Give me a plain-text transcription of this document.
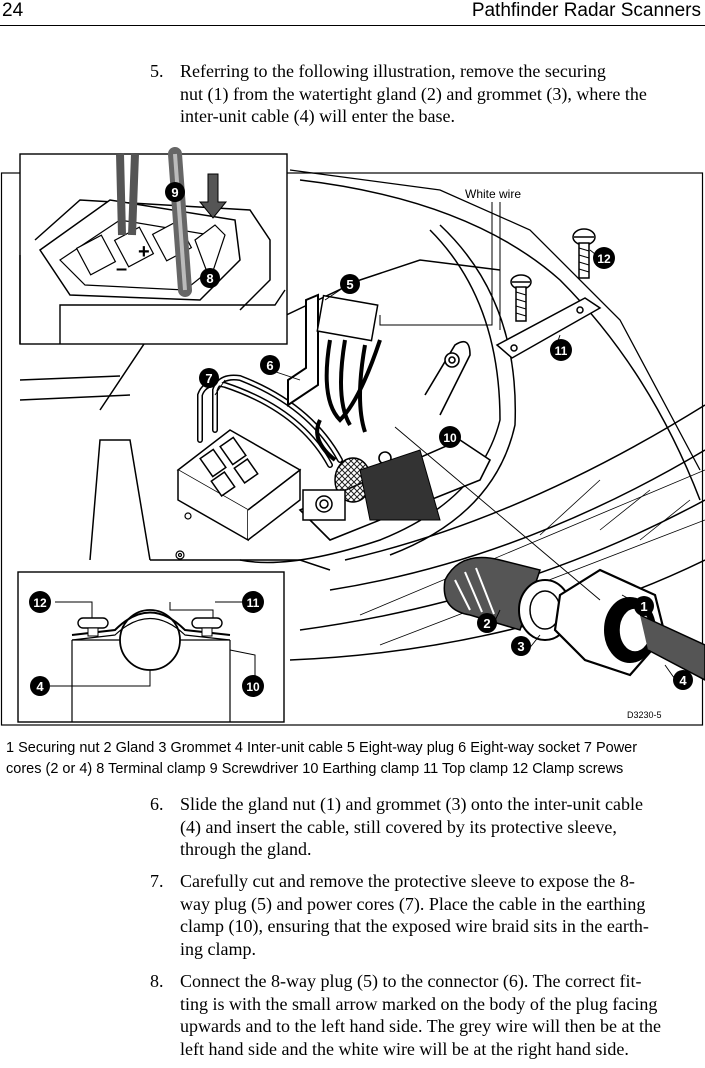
24	Pathfinder Radar Scanners
5. Referring to the following illustration, remove the securing
nut (1) from the watertight gland (2) and grommet (3), where the
inter-unit cable (4) will enter the base.
White wire
+
–
1
2
3
4
4
5
6
7
8
9
10
10
11
11
12
12
D3230-5
1 Securing nut 2 Gland 3 Grommet 4 Inter-unit cable 5 Eight-way plug 6 Eight-way socket 7 Power
cores (2 or 4) 8 Terminal clamp 9 Screwdriver 10 Earthing clamp 11 Top clamp 12 Clamp screws
6. Slide the gland nut (1) and grommet (3) onto the inter-unit cable
(4) and insert the cable, still covered by its protective sleeve,
through the gland.
7. Carefully cut and remove the protective sleeve to expose the 8-
way plug (5) and power cores (7). Place the cable in the earthing
clamp (10), ensuring that the exposed wire braid sits in the earth-
ing clamp.
8. Connect the 8-way plug (5) to the connector (6). The correct fit-
ting is with the small arrow marked on the body of the plug facing
upwards and to the left hand side. The grey wire will then be at the
left hand side and the white wire will be at the right hand side.
